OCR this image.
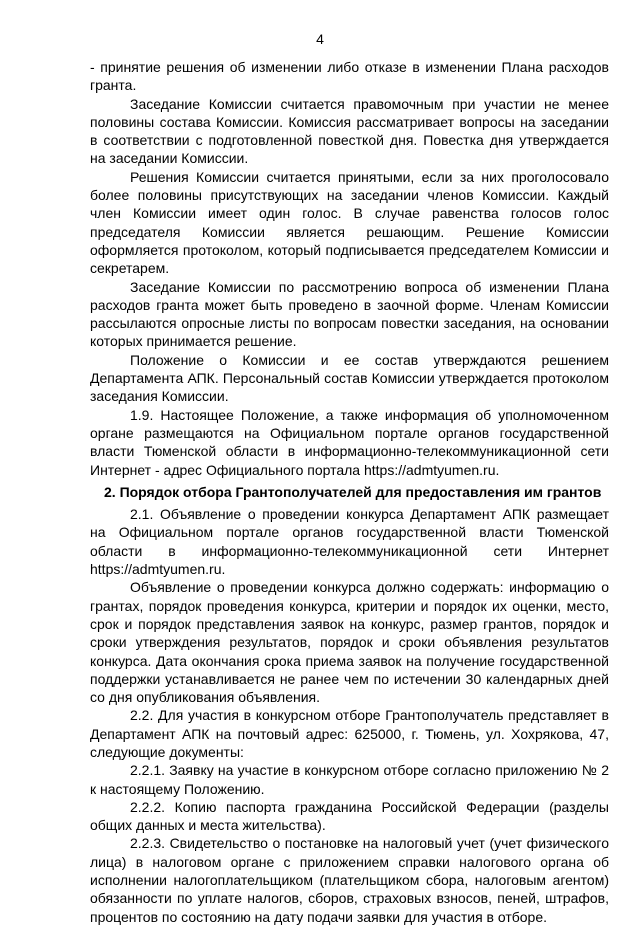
4

- принятие решения об изменении либо отказе в изменении Плана расходов гранта.

Заседание Комиссии считается правомочным при участии не менее половины состава Комиссии. Комиссия рассматривает вопросы на заседании в соответствии с подготовленной повесткой дня. Повестка дня утверждается на заседании Комиссии.

Решения Комиссии считается принятыми, если за них проголосовало более половины присутствующих на заседании членов Комиссии. Каждый член Комиссии имеет один голос. В случае равенства голосов голос председателя Комиссии является решающим. Решение Комиссии оформляется протоколом, который подписывается председателем Комиссии и секретарем.

Заседание Комиссии по рассмотрению вопроса об изменении Плана расходов гранта может быть проведено в заочной форме. Членам Комиссии рассылаются опросные листы по вопросам повестки заседания, на основании которых принимается решение.

Положение о Комиссии и ее состав утверждаются решением Департамента АПК. Персональный состав Комиссии утверждается протоколом заседания Комиссии.

1.9. Настоящее Положение, а также информация об уполномоченном органе размещаются на Официальном портале органов государственной власти Тюменской области в информационно-телекоммуникационной сети Интернет - адрес Официального портала https://admtyumen.ru.

2. Порядок отбора Грантополучателей для предоставления им грантов

2.1. Объявление о проведении конкурса Департамент АПК размещает на Официальном портале органов государственной власти Тюменской области в информационно-телекоммуникационной сети Интернет https://admtyumen.ru.

Объявление о проведении конкурса должно содержать: информацию о грантах, порядок проведения конкурса, критерии и порядок их оценки, место, срок и порядок представления заявок на конкурс, размер грантов, порядок и сроки утверждения результатов, порядок и сроки объявления результатов конкурса. Дата окончания срока приема заявок на получение государственной поддержки устанавливается не ранее чем по истечении 30 календарных дней со дня опубликования объявления.

2.2. Для участия в конкурсном отборе Грантополучатель представляет в Департамент АПК на почтовый адрес: 625000, г. Тюмень, ул. Хохрякова, 47, следующие документы:

2.2.1. Заявку на участие в конкурсном отборе согласно приложению № 2 к настоящему Положению.

2.2.2. Копию паспорта гражданина Российской Федерации (разделы общих данных и места жительства).

2.2.3. Свидетельство о постановке на налоговый учет (учет физического лица) в налоговом органе с приложением справки налогового органа об исполнении налогоплательщиком (плательщиком сбора, налоговым агентом) обязанности по уплате налогов, сборов, страховых взносов, пеней, штрафов, процентов по состоянию на дату подачи заявки для участия в отборе.
